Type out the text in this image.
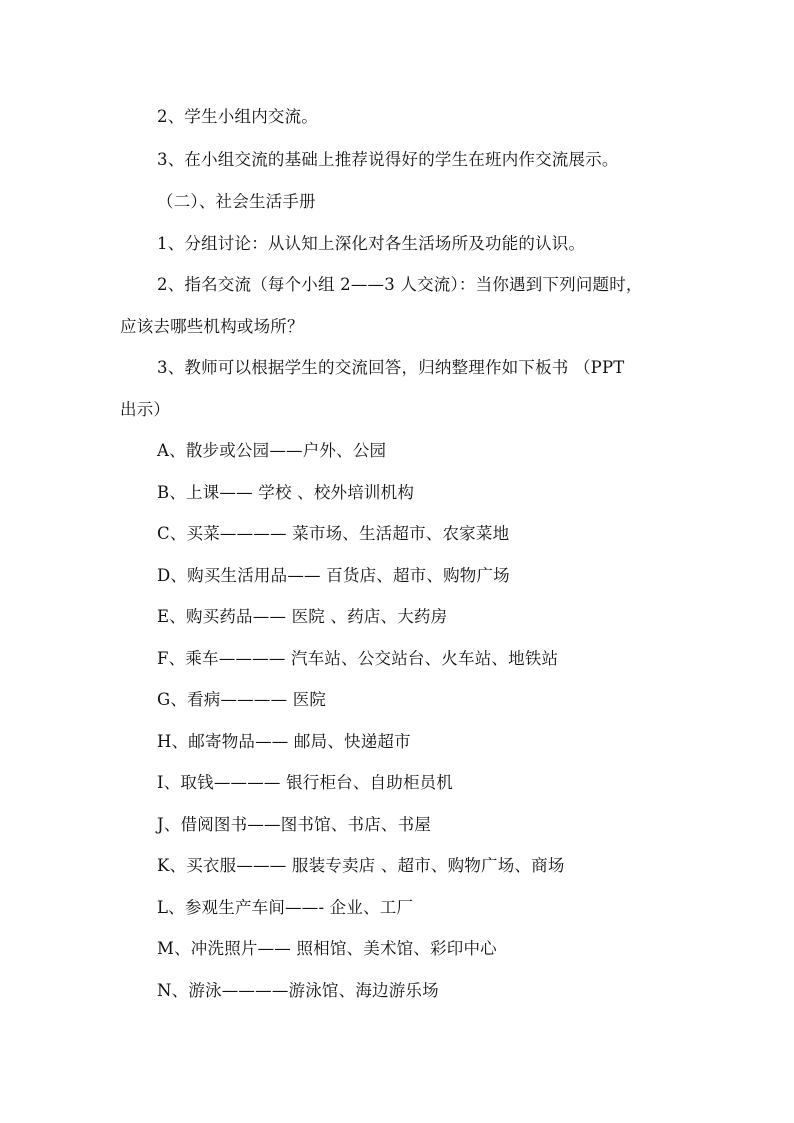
2、学生小组内交流。
3、在小组交流的基础上推荐说得好的学生在班内作交流展示。
（二）、社会生活手册
1、分组讨论：从认知上深化对各生活场所及功能的认识。
2、指名交流（每个小组 2——3 人交流）：当你遇到下列问题时，
应该去哪些机构或场所？
3、教师可以根据学生的交流回答，归纳整理作如下板书 （PPT
出示）
A、散步或公园——户外、公园
B、上课—— 学校 、校外培训机构
C、买菜———— 菜市场、生活超市、农家菜地
D、购买生活用品—— 百货店、超市、购物广场
E、购买药品—— 医院 、药店、大药房
F、乘车———— 汽车站、公交站台、火车站、地铁站
G、看病———— 医院
H、邮寄物品—— 邮局、快递超市
I、取钱———— 银行柜台、自助柜员机
J、借阅图书——图书馆、书店、书屋
K、买衣服——— 服装专卖店 、超市、购物广场、商场
L、参观生产车间——- 企业、工厂
M、冲洗照片—— 照相馆、美术馆、彩印中心
N、游泳————游泳馆、海边游乐场
